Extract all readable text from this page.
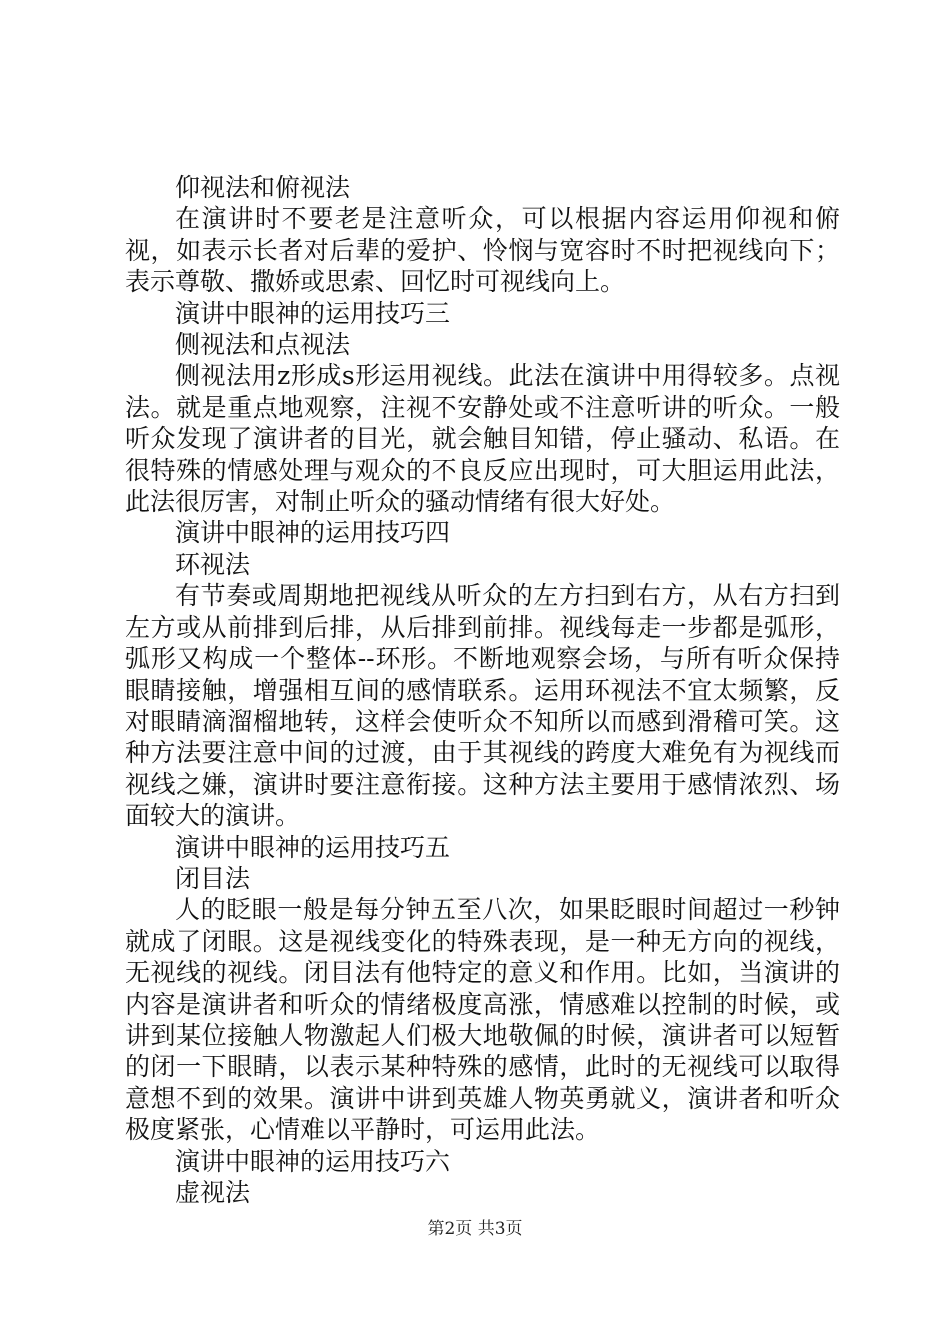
仰视法和俯视法

在演讲时不要老是注意听众，可以根据内容运用仰视和俯视，如表示长者对后辈的爱护、怜悯与宽容时不时把视线向下；表示尊敬、撒娇或思索、回忆时可视线向上。

演讲中眼神的运用技巧三

侧视法和点视法

侧视法用z形成s形运用视线。此法在演讲中用得较多。点视法。就是重点地观察，注视不安静处或不注意听讲的听众。一般听众发现了演讲者的目光，就会触目知错，停止骚动、私语。在很特殊的情感处理与观众的不良反应出现时，可大胆运用此法，此法很厉害，对制止听众的骚动情绪有很大好处。

演讲中眼神的运用技巧四

环视法

有节奏或周期地把视线从听众的左方扫到右方，从右方扫到左方或从前排到后排，从后排到前排。视线每走一步都是弧形，弧形又构成一个整体--环形。不断地观察会场，与所有听众保持眼睛接触，增强相互间的感情联系。运用环视法不宜太频繁，反对眼睛滴溜榴地转，这样会使听众不知所以而感到滑稽可笑。这种方法要注意中间的过渡，由于其视线的跨度大难免有为视线而视线之嫌，演讲时要注意衔接。这种方法主要用于感情浓烈、场面较大的演讲。

演讲中眼神的运用技巧五

闭目法

人的眨眼一般是每分钟五至八次，如果眨眼时间超过一秒钟就成了闭眼。这是视线变化的特殊表现，是一种无方向的视线，无视线的视线。闭目法有他特定的意义和作用。比如，当演讲的内容是演讲者和听众的情绪极度高涨，情感难以控制的时候，或讲到某位接触人物激起人们极大地敬佩的时候，演讲者可以短暂的闭一下眼睛，以表示某种特殊的感情，此时的无视线可以取得意想不到的效果。演讲中讲到英雄人物英勇就义，演讲者和听众极度紧张，心情难以平静时，可运用此法。

演讲中眼神的运用技巧六

虚视法

第2页 共3页
